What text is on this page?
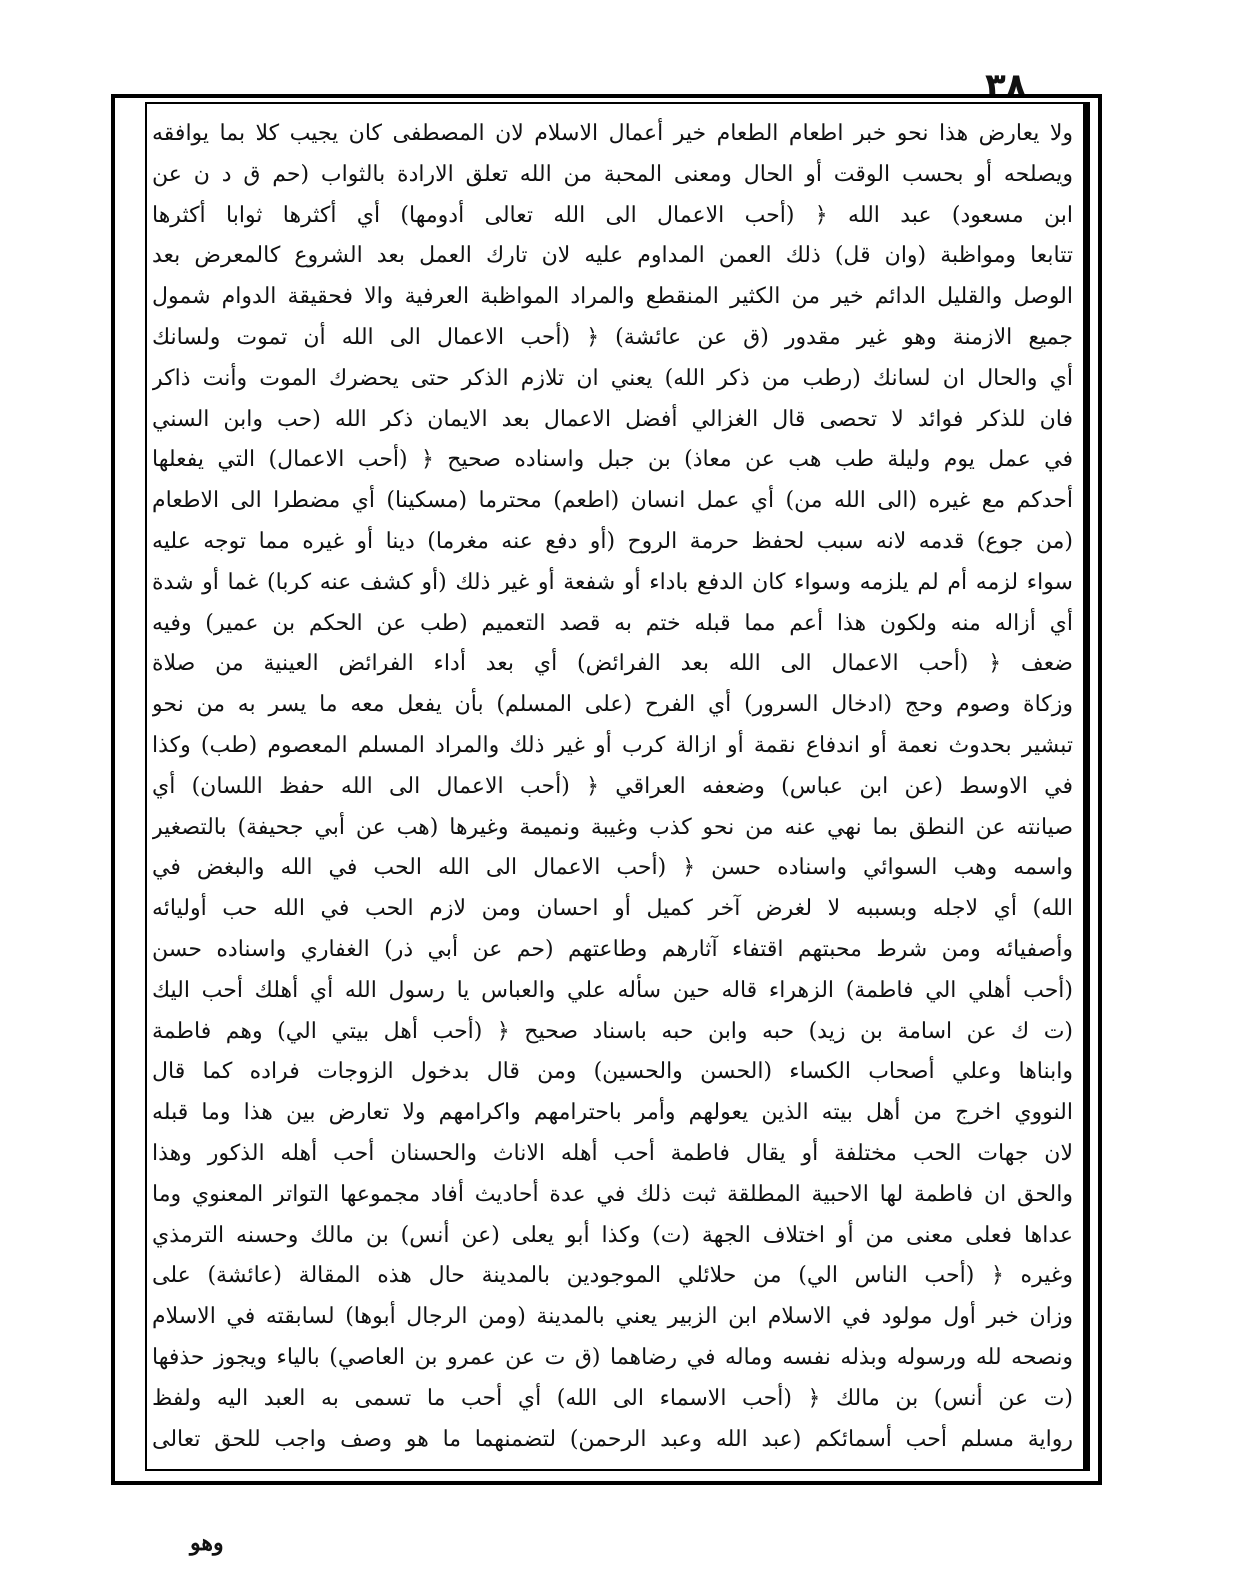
٣٨
ولا يعارض هذا نحو خبر اطعام الطعام خير أعمال الاسلام لان المصطفى كان يجيب كلا بما يوافقه
ويصلحه أو بحسب الوقت أو الحال ومعنى المحبة من الله تعلق الارادة بالثواب (حم ق د ن عن
ابن مسعود) عبد الله ﴿ (أحب الاعمال الى الله تعالى أدومها) أي أكثرها ثوابا أكثرها
تتابعا ومواظبة (وان قل) ذلك العمن المداوم عليه لان تارك العمل بعد الشروع كالمعرض بعد
الوصل والقليل الدائم خير من الكثير المنقطع والمراد المواظبة العرفية والا فحقيقة الدوام شمول
جميع الازمنة وهو غير مقدور (ق عن عائشة) ﴿ (أحب الاعمال الى الله أن تموت ولسانك
أي والحال ان لسانك (رطب من ذكر الله) يعني ان تلازم الذكر حتى يحضرك الموت وأنت ذاكر
فان للذكر فوائد لا تحصى قال الغزالي أفضل الاعمال بعد الايمان ذكر الله (حب وابن السني
في عمل يوم وليلة طب هب عن معاذ) بن جبل واسناده صحيح ﴿ (أحب الاعمال) التي يفعلها
أحدكم مع غيره (الى الله من) أي عمل انسان (اطعم) محترما (مسكينا) أي مضطرا الى الاطعام
(من جوع) قدمه لانه سبب لحفظ حرمة الروح (أو دفع عنه مغرما) دينا أو غيره مما توجه عليه
سواء لزمه أم لم يلزمه وسواء كان الدفع باداء أو شفعة أو غير ذلك (أو كشف عنه كربا) غما أو شدة
أي أزاله منه ولكون هذا أعم مما قبله ختم به قصد التعميم (طب عن الحكم بن عمير) وفيه
ضعف ﴿ (أحب الاعمال الى الله بعد الفرائض) أي بعد أداء الفرائض العينية من صلاة
وزكاة وصوم وحج (ادخال السرور) أي الفرح (على المسلم) بأن يفعل معه ما يسر به من نحو
تبشير بحدوث نعمة أو اندفاع نقمة أو ازالة كرب أو غير ذلك والمراد المسلم المعصوم (طب) وكذا
في الاوسط (عن ابن عباس) وضعفه العراقي ﴿ (أحب الاعمال الى الله حفظ اللسان) أي
صيانته عن النطق بما نهي عنه من نحو كذب وغيبة ونميمة وغيرها (هب عن أبي جحيفة) بالتصغير
واسمه وهب السوائي واسناده حسن ﴿ (أحب الاعمال الى الله الحب في الله والبغض في
الله) أي لاجله وبسببه لا لغرض آخر كميل أو احسان ومن لازم الحب في الله حب أوليائه
وأصفيائه ومن شرط محبتهم اقتفاء آثارهم وطاعتهم (حم عن أبي ذر) الغفاري واسناده حسن
(أحب أهلي الي فاطمة) الزهراء قاله حين سأله علي والعباس يا رسول الله أي أهلك أحب اليك
(ت ك عن اسامة بن زيد) حبه وابن حبه باسناد صحيح ﴿ (أحب أهل بيتي الي) وهم فاطمة
وابناها وعلي أصحاب الكساء (الحسن والحسين) ومن قال بدخول الزوجات فراده كما قال
النووي اخرج من أهل بيته الذين يعولهم وأمر باحترامهم واكرامهم ولا تعارض بين هذا وما قبله
لان جهات الحب مختلفة أو يقال فاطمة أحب أهله الاناث والحسنان أحب أهله الذكور وهذا
والحق ان فاطمة لها الاحبية المطلقة ثبت ذلك في عدة أحاديث أفاد مجموعها التواتر المعنوي وما
عداها فعلى معنى من أو اختلاف الجهة (ت) وكذا أبو يعلى (عن أنس) بن مالك وحسنه الترمذي
وغيره ﴿ (أحب الناس الي) من حلائلي الموجودين بالمدينة حال هذه المقالة (عائشة) على
وزان خبر أول مولود في الاسلام ابن الزبير يعني بالمدينة (ومن الرجال أبوها) لسابقته في الاسلام
ونصحه لله ورسوله وبذله نفسه وماله في رضاهما (ق ت عن عمرو بن العاصي) بالياء ويجوز حذفها
(ت عن أنس) بن مالك ﴿ (أحب الاسماء الى الله) أي أحب ما تسمى به العبد اليه ولفظ
رواية مسلم أحب أسمائكم (عبد الله وعبد الرحمن) لتضمنهما ما هو وصف واجب للحق تعالى
وهو
